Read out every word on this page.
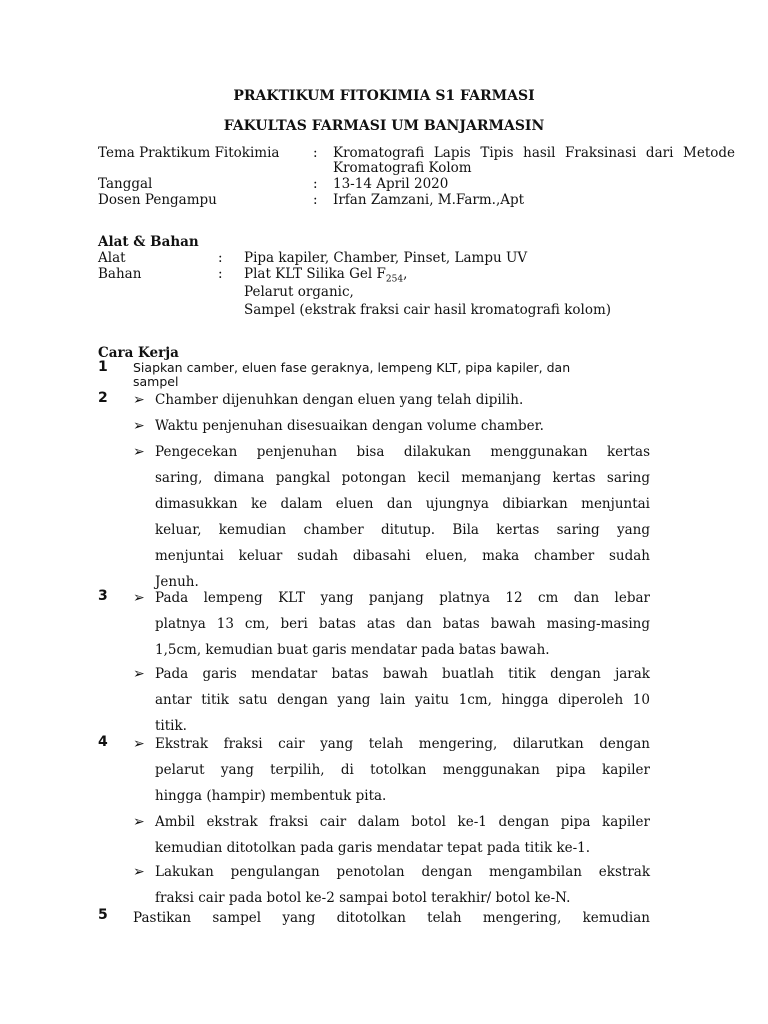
PRAKTIKUM FITOKIMIA S1 FARMASI
FAKULTAS FARMASI UM BANJARMASIN
Tema Praktikum Fitokimia : Kromatografi Lapis Tipis hasil Fraksinasi dari Metode
Kromatografi Kolom
Tanggal	: 13-14 April 2020
Dosen Pengampu	: Irfan Zamzani, M.Farm.,Apt
Alat & Bahan
Alat	: Pipa kapiler, Chamber, Pinset, Lampu UV
Bahan	: Plat KLT Silika Gel $F_{254}$,
Pelarut organic,
Sampel (ekstrak fraksi cair hasil kromatografi kolom)
Cara Kerja
1 Siapkan camber, eluen fase geraknya, lempeng KLT, pipa kapiler, dan
sampel
2 ➢ Chamber dijenuhkan dengan eluen yang telah dipilih.
➢ Waktu penjenuhan disesuaikan dengan volume chamber.
➢ Pengecekan penjenuhan bisa dilakukan menggunakan kertas
saring, dimana pangkal potongan kecil memanjang kertas saring
dimasukkan ke dalam eluen dan ujungnya dibiarkan menjuntai
keluar, kemudian chamber ditutup. Bila kertas saring yang
menjuntai keluar sudah dibasahi eluen, maka chamber sudah
Jenuh.
3 ➢ Pada lempeng KLT yang panjang platnya 12 cm dan lebar
platnya 13 cm, beri batas atas dan batas bawah masing-masing
1,5cm, kemudian buat garis mendatar pada batas bawah.
➢ Pada garis mendatar batas bawah buatlah titik dengan jarak
antar titik satu dengan yang lain yaitu 1cm, hingga diperoleh 10
titik.
4 ➢ Ekstrak fraksi cair yang telah mengering, dilarutkan dengan
pelarut yang terpilih, di totolkan menggunakan pipa kapiler
hingga (hampir) membentuk pita.
➢ Ambil ekstrak fraksi cair dalam botol ke-1 dengan pipa kapiler
kemudian ditotolkan pada garis mendatar tepat pada titik ke-1.
➢ Lakukan pengulangan penotolan dengan mengambilan ekstrak
fraksi cair pada botol ke-2 sampai botol terakhir/ botol ke-N.
5 Pastikan sampel yang ditotolkan telah mengering, kemudian
